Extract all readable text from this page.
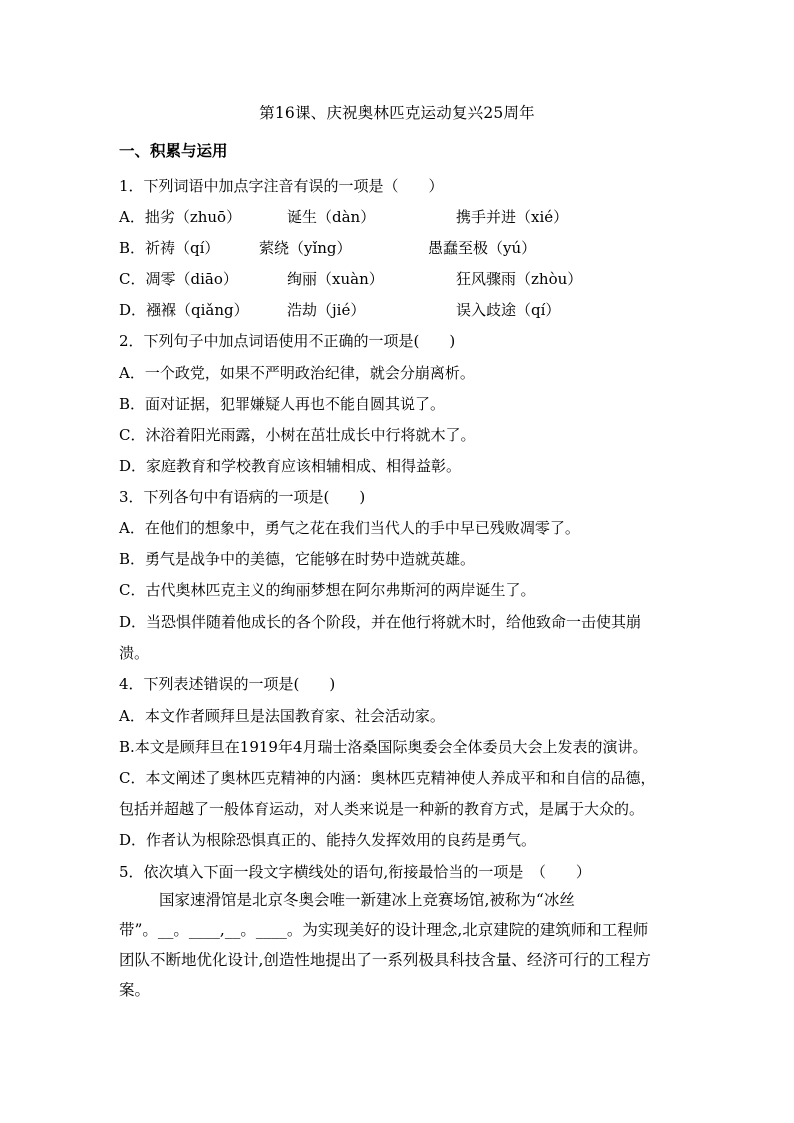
第16课、庆祝奥林匹克运动复兴25周年
一、积累与运用
1．下列词语中加点字注音有误的一项是（　　）
A．拙劣（zhuō）	诞生（dàn）	携手并进（xié）
B．祈祷（qí）	萦绕（yǐng）	愚蠢至极（yú）
C．凋零（diāo）	绚丽（xuàn）	狂风骤雨（zhòu）
D．襁褓（qiǎng）	浩劫（jié）	误入歧途（qí）
2．下列句子中加点词语使用不正确的一项是(　　)
A．一个政党，如果不严明政治纪律，就会分崩离析。
B．面对证据，犯罪嫌疑人再也不能自圆其说了。
C．沐浴着阳光雨露，小树在茁壮成长中行将就木了。
D．家庭教育和学校教育应该相辅相成、相得益彰。
3．下列各句中有语病的一项是(　　)
A．在他们的想象中，勇气之花在我们当代人的手中早已残败凋零了。
B．勇气是战争中的美德，它能够在时势中造就英雄。
C．古代奥林匹克主义的绚丽梦想在阿尔弗斯河的两岸诞生了。
D．当恐惧伴随着他成长的各个阶段，并在他行将就木时，给他致命一击使其崩
溃。
4．下列表述错误的一项是(　　)
A．本文作者顾拜旦是法国教育家、社会活动家。
B.本文是顾拜旦在1919年4月瑞士洛桑国际奥委会全体委员大会上发表的演讲。
C．本文阐述了奥林匹克精神的内涵：奥林匹克精神使人养成平和和自信的品德，
包括并超越了一般体育运动，对人类来说是一种新的教育方式，是属于大众的。
D．作者认为根除恐惧真正的、能持久发挥效用的良药是勇气。
5．依次填入下面一段文字横线处的语句,衔接最恰当的一项是　（　　）
国家速滑馆是北京冬奥会唯一新建冰上竞赛场馆,被称为“冰丝
带”。__。____,__。____。为实现美好的设计理念,北京建院的建筑师和工程师
团队不断地优化设计,创造性地提出了一系列极具科技含量、经济可行的工程方
案。
